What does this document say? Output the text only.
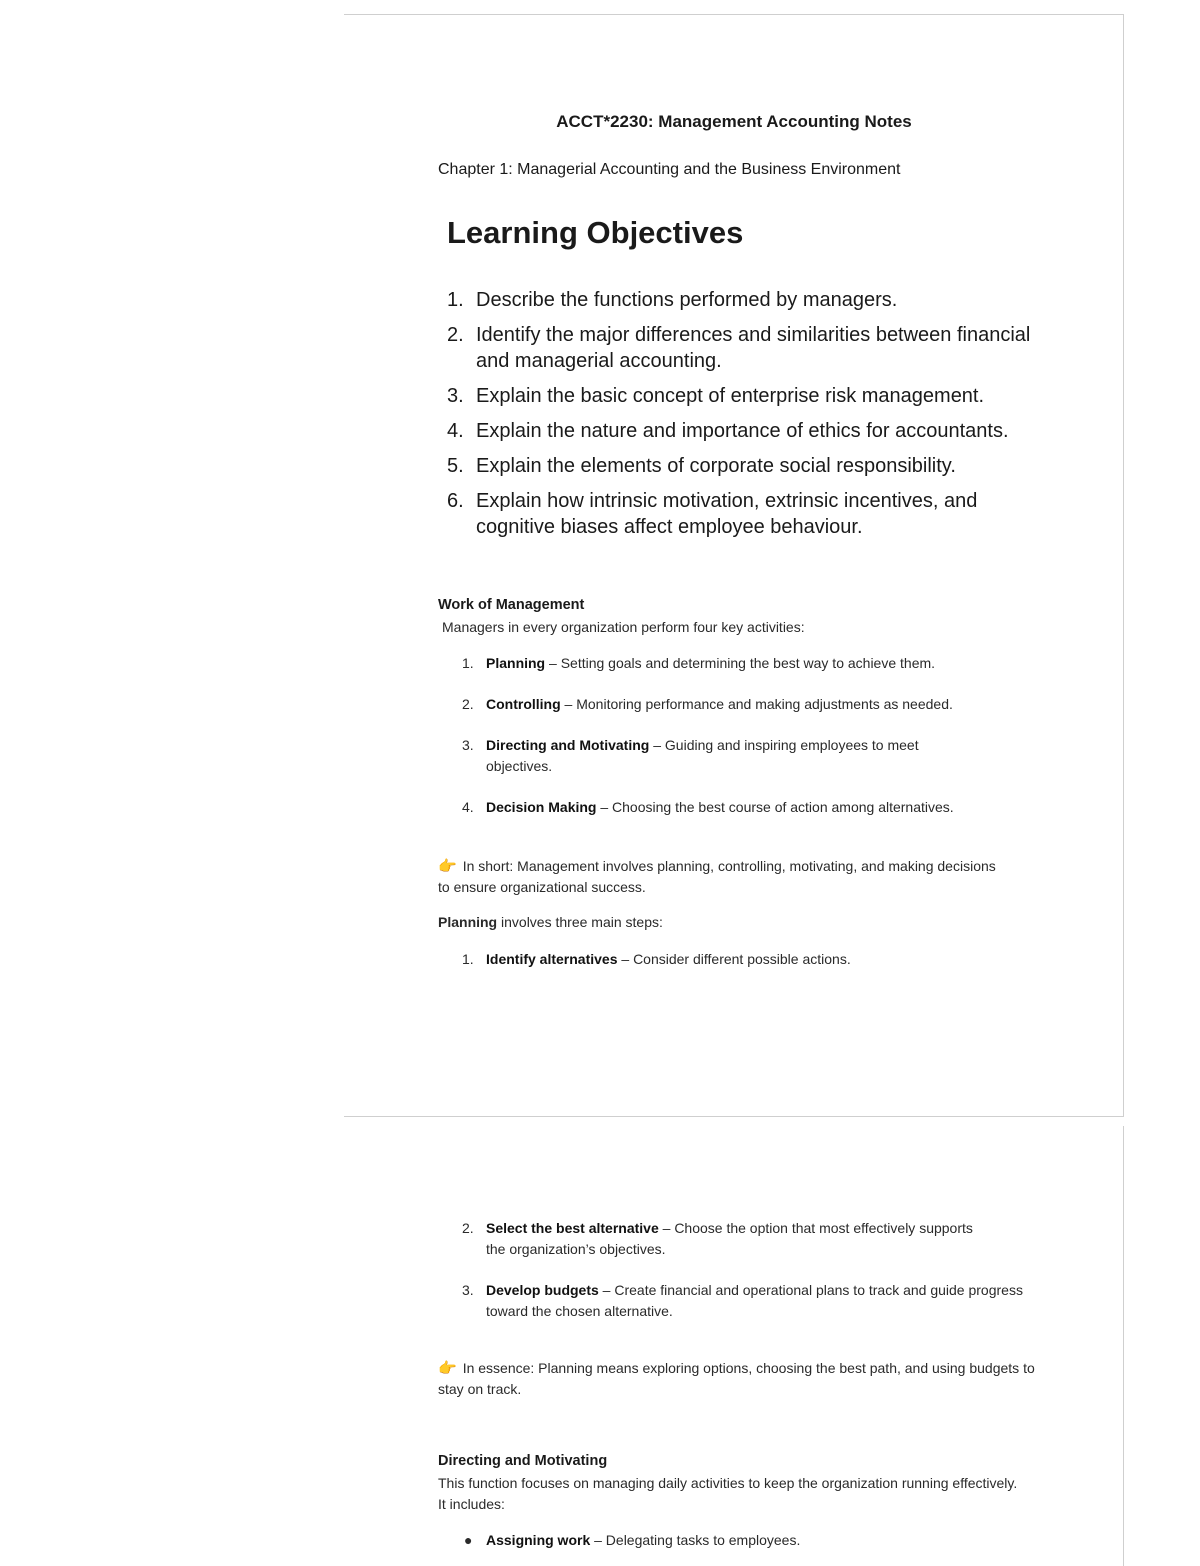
ACCT*2230: Management Accounting Notes

Chapter 1: Managerial Accounting and the Business Environment

Learning Objectives
1. Describe the functions performed by managers.
2. Identify the major differences and similarities between financial and managerial accounting.
3. Explain the basic concept of enterprise risk management.
4. Explain the nature and importance of ethics for accountants.
5. Explain the elements of corporate social responsibility.
6. Explain how intrinsic motivation, extrinsic incentives, and cognitive biases affect employee behaviour.

Work of Management

Managers in every organization perform four key activities:

1. Planning – Setting goals and determining the best way to achieve them.
2. Controlling – Monitoring performance and making adjustments as needed.
3. Directing and Motivating – Guiding and inspiring employees to meet objectives.
4. Decision Making – Choosing the best course of action among alternatives.

👉 In short: Management involves planning, controlling, motivating, and making decisions to ensure organizational success.

Planning involves three main steps:

1. Identify alternatives – Consider different possible actions.
2. Select the best alternative – Choose the option that most effectively supports the organization’s objectives.
3. Develop budgets – Create financial and operational plans to track and guide progress toward the chosen alternative.

👉 In essence: Planning means exploring options, choosing the best path, and using budgets to stay on track.

Directing and Motivating

This function focuses on managing daily activities to keep the organization running effectively. It includes:

● Assigning work – Delegating tasks to employees.
